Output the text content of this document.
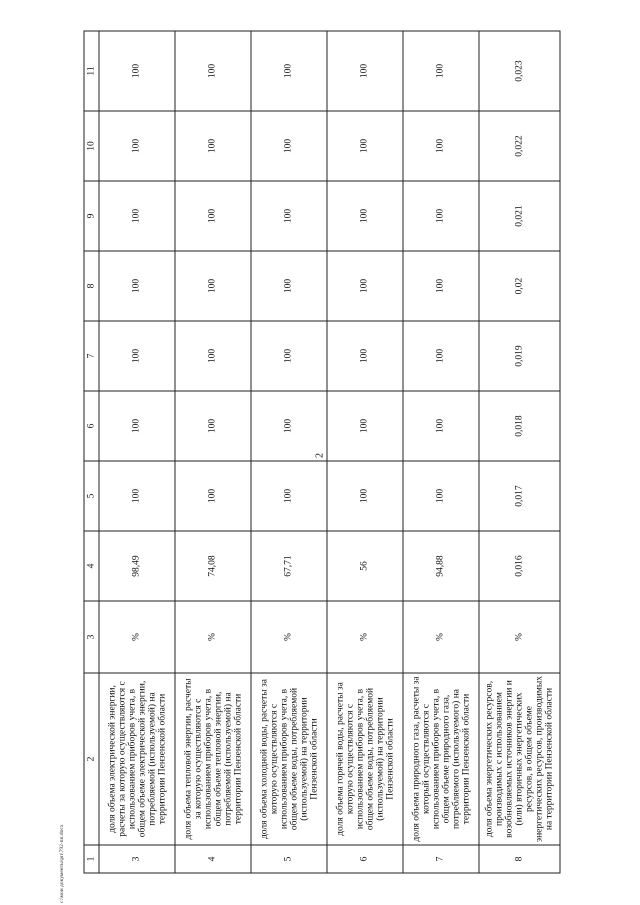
2
1	2	3	4	5	6	7	8	9	10	11
3	доля объема электрической энергии, расчеты за которую осуществляются с использованием приборов учета, в общем объеме электрической энергии, потребляемой (используемой) на территории Пензенской области	%	98,49	100	100	100	100	100	100	100
4	доля объема тепловой энергии, расчеты за которую осуществляются с использованием приборов учета, в общем объеме тепловой энергии, потребляемой (используемой) на территории Пензенской области	%	74,08	100	100	100	100	100	100	100
5	доля объема холодной воды, расчеты за которую осуществляются с использованием приборов учета, в общем объеме воды, потребляемой (используемой) на территории Пензенской области	%	67,71	100	100	100	100	100	100	100
6	доля объема горячей воды, расчеты за которую осуществляются с использованием приборов учета, в общем объеме воды, потребляемой (используемой) на территории Пензенской области	%	56	100	100	100	100	100	100	100
7	доля объема природного газа, расчеты за который осуществляются с использованием приборов учета, в общем объеме природного газа, потребляемого (используемого) на территории Пензенской области	%	94,88	100	100	100	100	100	100	100
8	доля объема энергетических ресурсов, производимых с использованием возобновляемых источников энергии и (или) вторичных энергетических ресурсов, в общем объеме энергетических ресурсов, производимых на территории Пензенской области	%	0,016	0,017	0,018	0,019	0,02	0,021	0,022	0,023
c:\мои документы\рп\792-пп.docx
